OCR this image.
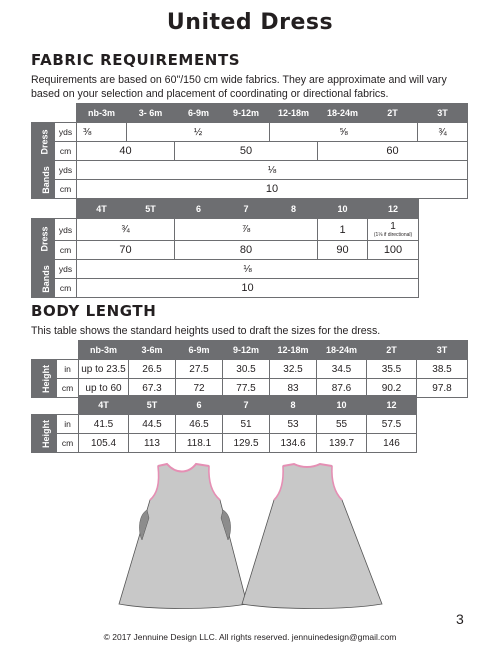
United Dress
FABRIC REQUIREMENTS
Requirements are based on 60"/150 cm wide fabrics. They are approximate and will vary based on your selection and placement of coordinating or directional fabrics.
		nb-3m	3- 6m	6-9m	9-12m	12-18m	18-24m	2T	3T
Dress	yds	⅜	½			⅝			¾
	cm	40		50			60		
Bands	yds	⅛							
	cm	10							
		4T	5T	6	7	8	10	12
Dress	yds	¾		⅞			1	1
(1⅛ if directional)

	cm	70		80			90	100
Bands	yds	⅛						
	cm	10						
BODY LENGTH
This table shows the standard heights used to draft the sizes for the dress.
		nb-3m	3-6m	6-9m	9-12m	12-18m	18-24m	2T	3T
Height	in	up to 23.5	26.5	27.5	30.5	32.5	34.5	35.5	38.5
	cm	up to 60	67.3	72	77.5	83	87.6	90.2	97.8
		4T	5T	6	7	8	10	12
Height	in	41.5	44.5	46.5	51	53	55	57.5
	cm	105.4	113	118.1	129.5	134.6	139.7	146
3
© 2017 Jennuine Design LLC. All rights reserved. jennuinedesign@gmail.com
